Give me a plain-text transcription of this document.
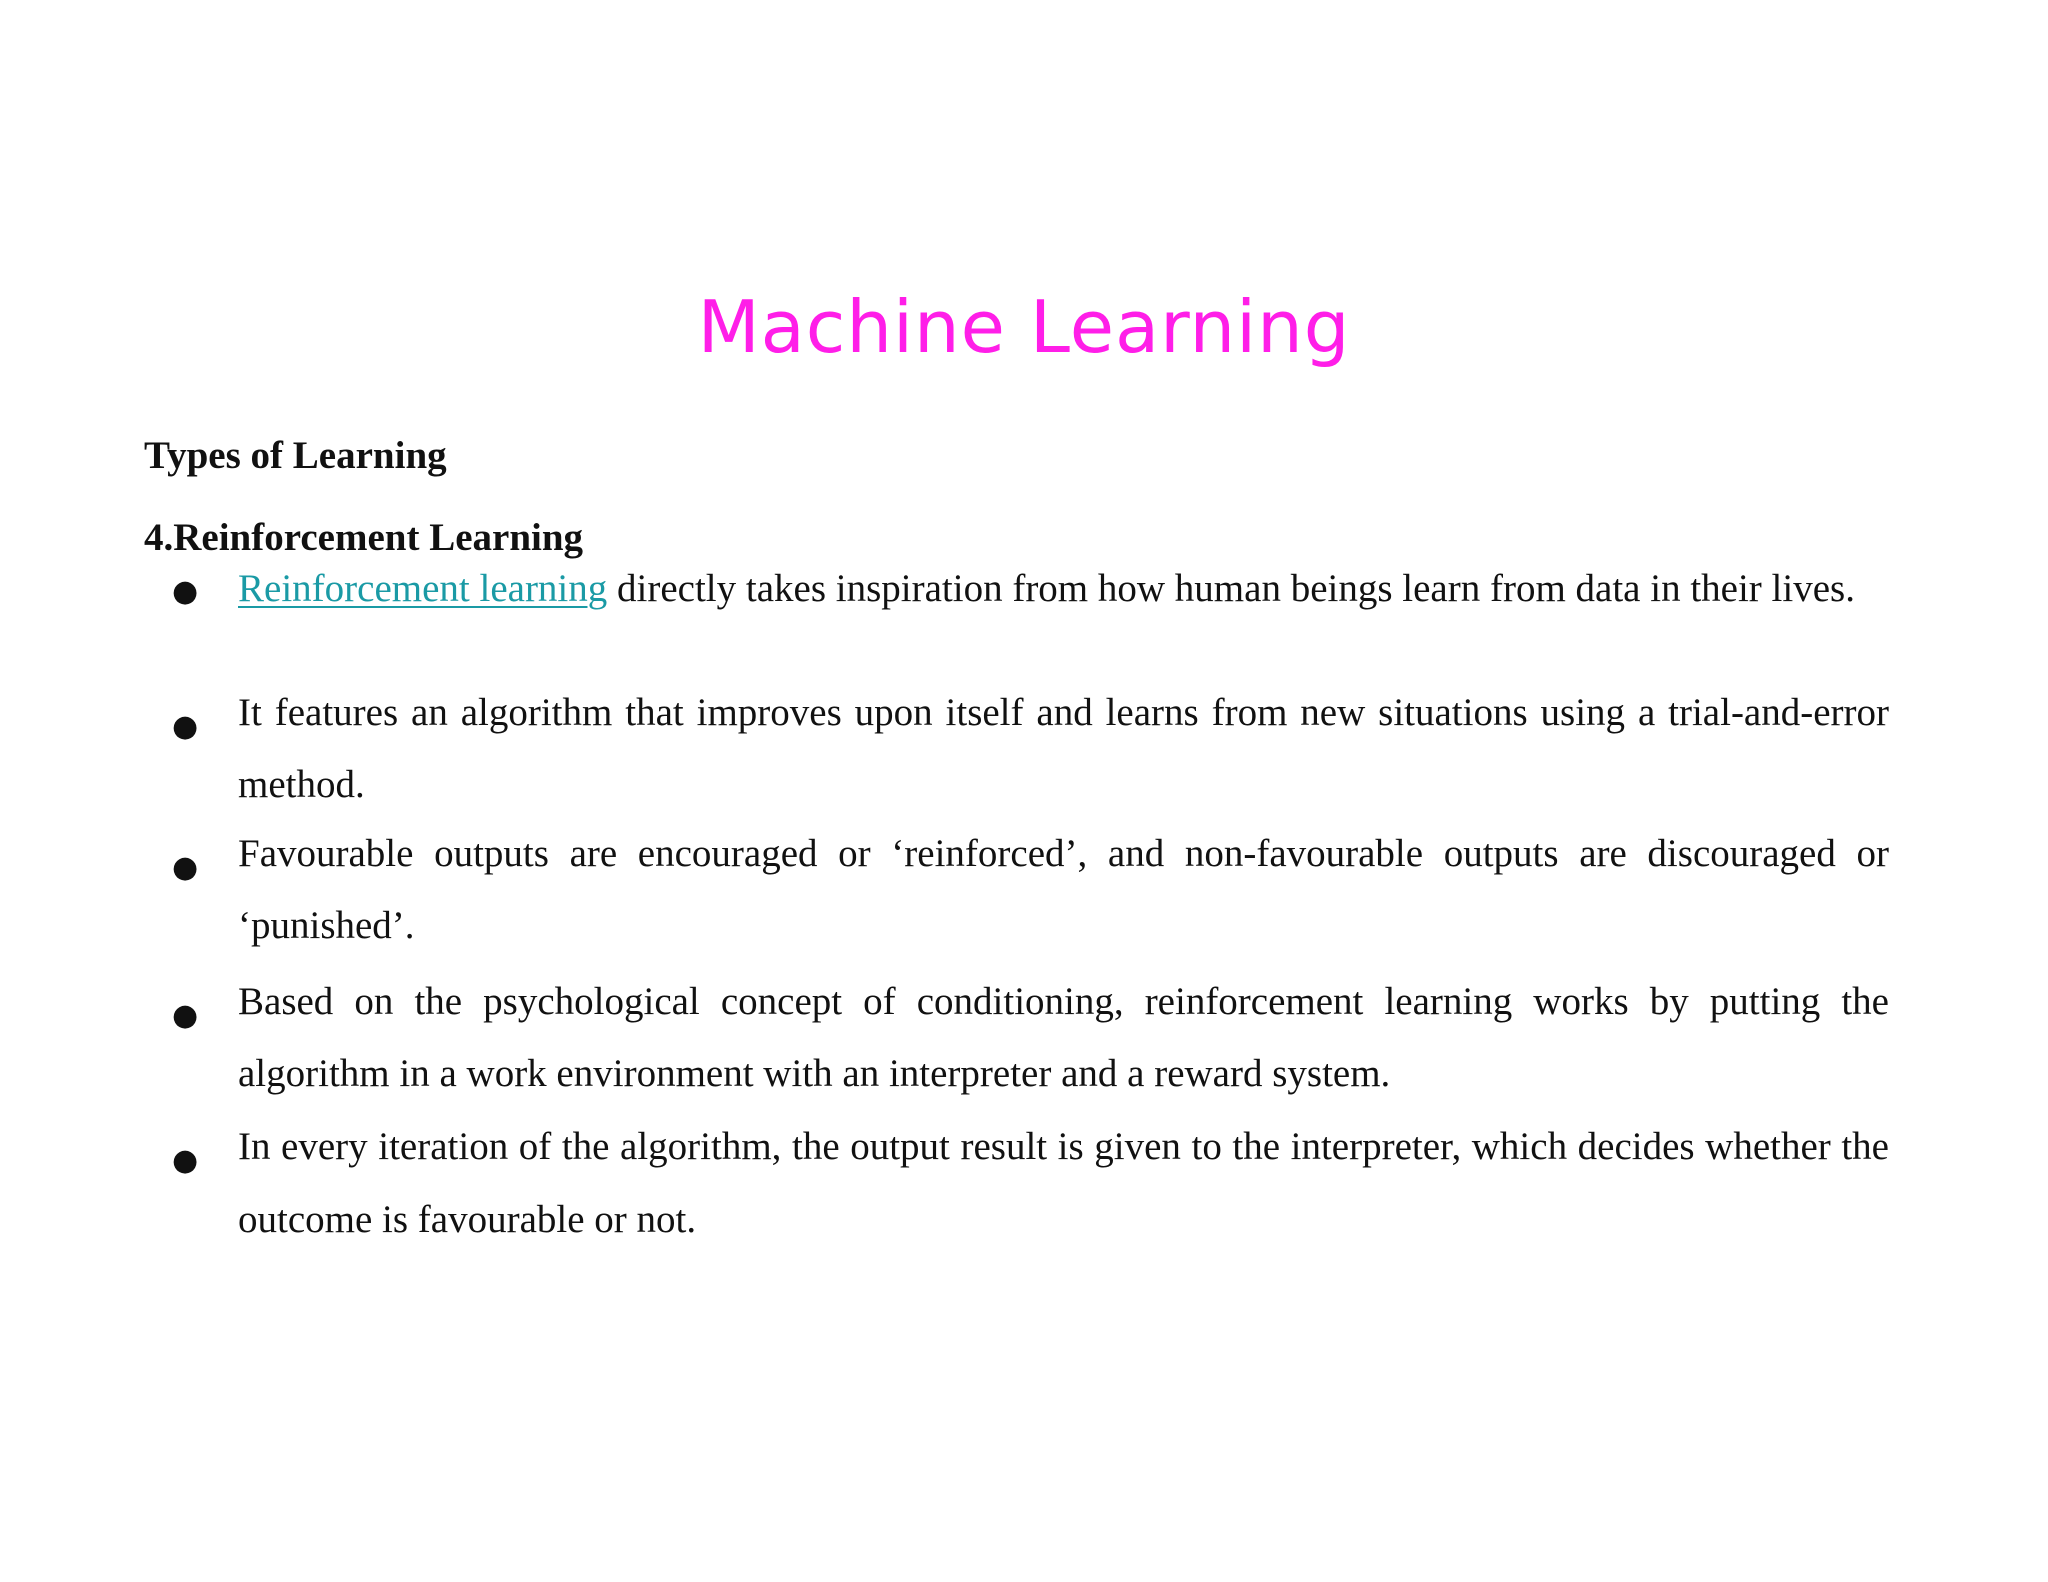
Machine Learning
Types of Learning
4.Reinforcement Learning
● Reinforcement learning directly takes inspiration from how human beings learn from data in their lives.
● It features an algorithm that improves upon itself and learns from new situations using a trial-and-error method.
● Favourable outputs are encouraged or ‘reinforced’, and non-favourable outputs are discouraged or ‘punished’.
● Based on the psychological concept of conditioning, reinforcement learning works by putting the algorithm in a work environment with an interpreter and a reward system.
● In every iteration of the algorithm, the output result is given to the interpreter, which decides whether the outcome is favourable or not.
